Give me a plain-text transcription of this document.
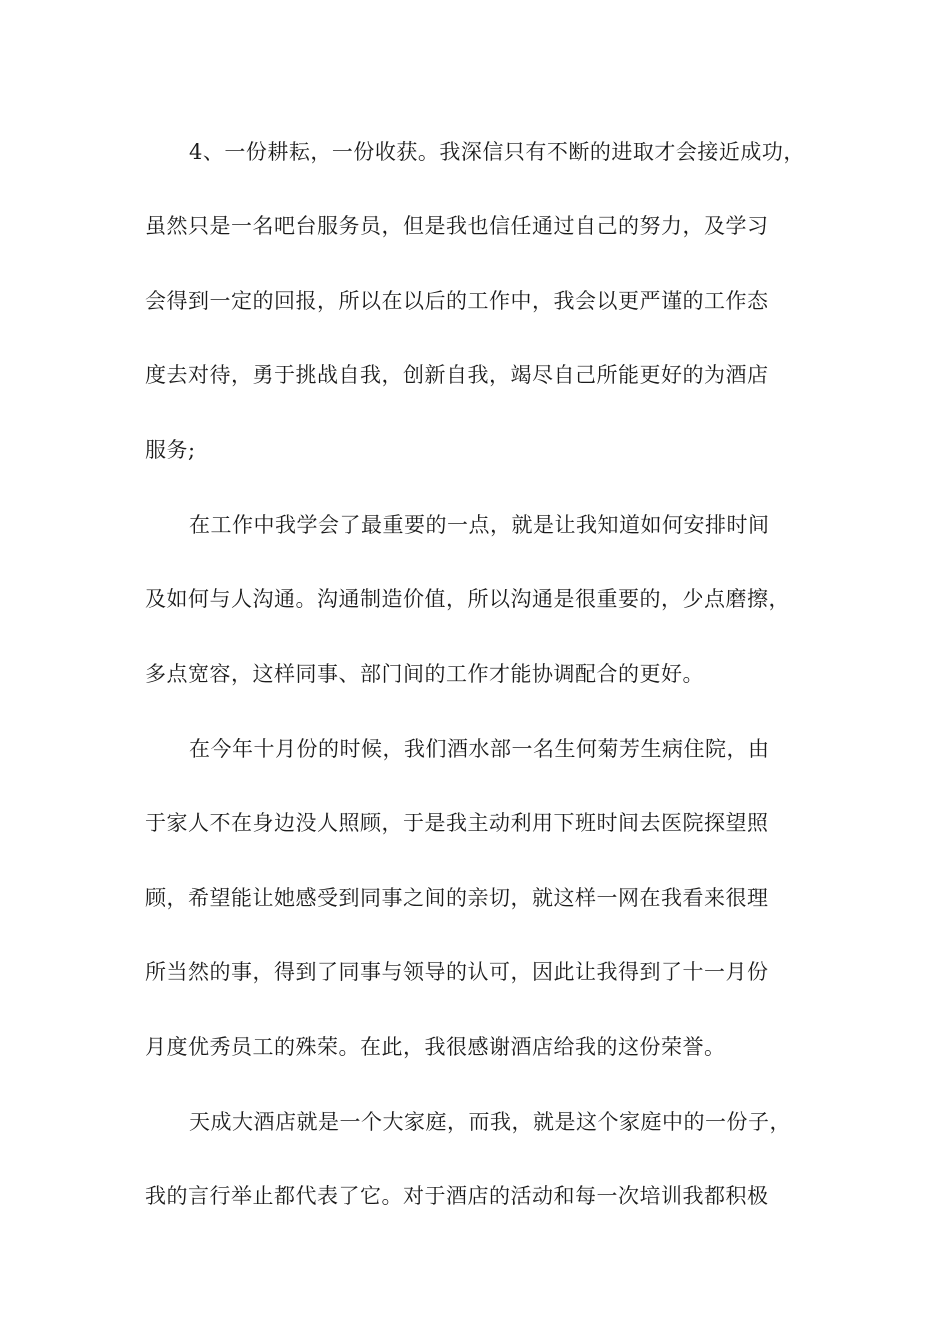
4、一份耕耘，一份收获。我深信只有不断的进取才会接近成功，
虽然只是一名吧台服务员，但是我也信任通过自己的努力，及学习
会得到一定的回报，所以在以后的工作中，我会以更严谨的工作态
度去对待，勇于挑战自我，创新自我，竭尽自己所能更好的为酒店
服务;
在工作中我学会了最重要的一点，就是让我知道如何安排时间
及如何与人沟通。沟通制造价值，所以沟通是很重要的，少点磨擦，
多点宽容，这样同事、部门间的工作才能协调配合的更好。
在今年十月份的时候，我们酒水部一名生何菊芳生病住院，由
于家人不在身边没人照顾，于是我主动利用下班时间去医院探望照
顾，希望能让她感受到同事之间的亲切，就这样一网在我看来很理
所当然的事，得到了同事与领导的认可，因此让我得到了十一月份
月度优秀员工的殊荣。在此，我很感谢酒店给我的这份荣誉。
天成大酒店就是一个大家庭，而我，就是这个家庭中的一份子，
我的言行举止都代表了它。对于酒店的活动和每一次培训我都积极
